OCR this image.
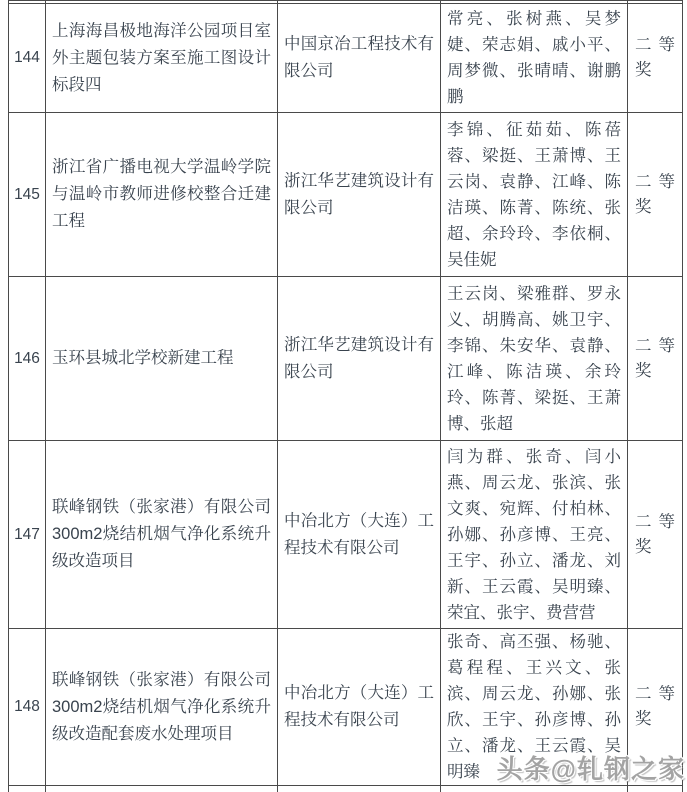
144	上海海昌极地海洋公园项目室外主题包装方案至施工图设计标段四	中国京冶工程技术有限公司	常亮、张树燕、吴梦婕、荣志娟、戚小平、周梦微、张晴晴、谢鹏鹏	二等奖
145	浙江省广播电视大学温岭学院与温岭市教师进修校整合迁建工程	浙江华艺建筑设计有限公司	李锦、征茹茹、陈蓓蓉、梁挺、王萧博、王云岗、袁静、江峰、陈洁瑛、陈菁、陈统、张超、余玲玲、李依桐、吴佳妮	二等奖
146	玉环县城北学校新建工程	浙江华艺建筑设计有限公司	王云岗、梁雅群、罗永义、胡腾高、姚卫宇、李锦、朱安华、袁静、江峰、陈洁瑛、余玲玲、陈菁、梁挺、王萧博、张超	二等奖
147	联峰钢铁（张家港）有限公司300m2烧结机烟气净化系统升级改造项目	中冶北方（大连）工程技术有限公司	闫为群、张奇、闫小燕、周云龙、张滨、张文爽、宛辉、付柏林、孙娜、孙彦博、王亮、王宇、孙立、潘龙、刘新、王云霞、吴明臻、荣宜、张宇、费营营	二等奖
148	联峰钢铁（张家港）有限公司300m2烧结机烟气净化系统升级改造配套废水处理项目	中冶北方（大连）工程技术有限公司	张奇、高丕强、杨驰、葛程程、王兴文、张滨、周云龙、孙娜、张欣、王宇、孙彦博、孙立、潘龙、王云霞、吴明臻	二等奖

头条@轧钢之家
